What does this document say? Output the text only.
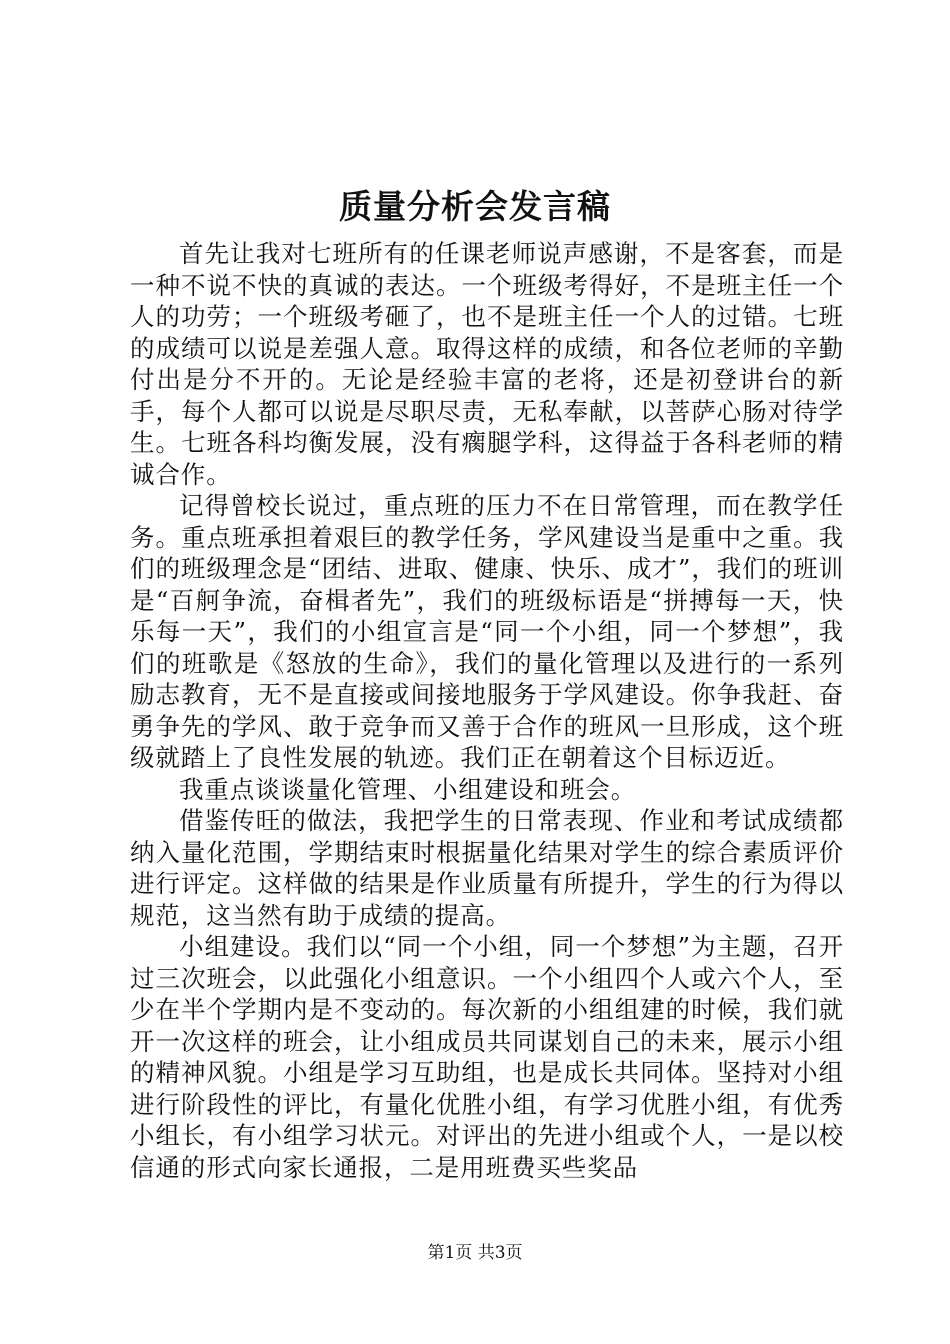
质量分析会发言稿

首先让我对七班所有的任课老师说声感谢，不是客套，而是一种不说不快的真诚的表达。一个班级考得好，不是班主任一个人的功劳；一个班级考砸了，也不是班主任一个人的过错。七班的成绩可以说是差强人意。取得这样的成绩，和各位老师的辛勤付出是分不开的。无论是经验丰富的老将，还是初登讲台的新手，每个人都可以说是尽职尽责，无私奉献，以菩萨心肠对待学生。七班各科均衡发展，没有瘸腿学科，这得益于各科老师的精诚合作。

记得曾校长说过，重点班的压力不在日常管理，而在教学任务。重点班承担着艰巨的教学任务，学风建设当是重中之重。我们的班级理念是“团结、进取、健康、快乐、成才”，我们的班训是“百舸争流，奋楫者先”，我们的班级标语是“拼搏每一天，快乐每一天”，我们的小组宣言是“同一个小组，同一个梦想”，我们的班歌是《怒放的生命》，我们的量化管理以及进行的一系列励志教育，无不是直接或间接地服务于学风建设。你争我赶、奋勇争先的学风、敢于竞争而又善于合作的班风一旦形成，这个班级就踏上了良性发展的轨迹。我们正在朝着这个目标迈近。

我重点谈谈量化管理、小组建设和班会。

借鉴传旺的做法，我把学生的日常表现、作业和考试成绩都纳入量化范围，学期结束时根据量化结果对学生的综合素质评价进行评定。这样做的结果是作业质量有所提升，学生的行为得以规范，这当然有助于成绩的提高。

小组建设。我们以“同一个小组，同一个梦想”为主题，召开过三次班会，以此强化小组意识。一个小组四个人或六个人，至少在半个学期内是不变动的。每次新的小组组建的时候，我们就开一次这样的班会，让小组成员共同谋划自己的未来，展示小组的精神风貌。小组是学习互助组，也是成长共同体。坚持对小组进行阶段性的评比，有量化优胜小组，有学习优胜小组，有优秀小组长，有小组学习状元。对评出的先进小组或个人，一是以校信通的形式向家长通报，二是用班费买些奖品

第1页 共3页
